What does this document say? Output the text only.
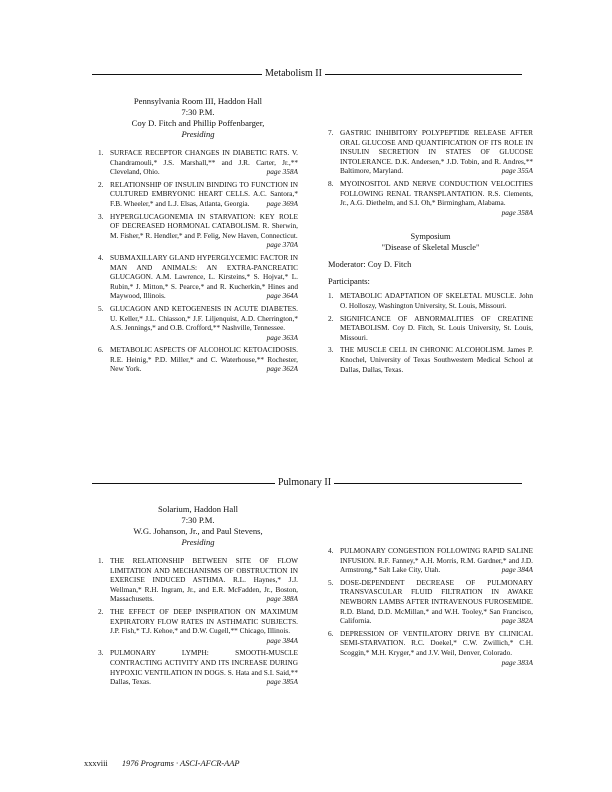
Metabolism II
Pennsylvania Room III, Haddon Hall
7:30 P.M.
Coy D. Fitch and Phillip Poffenbarger,
Presiding
1. SURFACE RECEPTOR CHANGES IN DIABETIC RATS. V. Chandramouli,* J.S. Marshall,** and J.R. Carter, Jr.,** Cleveland, Ohio.	page 358A
2. RELATIONSHIP OF INSULIN BINDING TO FUNCTION IN CULTURED EMBRYONIC HEART CELLS. A.C. Santora,* F.B. Wheeler,* and L.J. Elsas, Atlanta, Georgia.	page 369A
3. HYPERGLUCAGONEMIA IN STARVATION: KEY ROLE OF DECREASED HORMONAL CATABOLISM. R. Sherwin, M. Fisher,* R. Hendler,* and P. Felig, New Haven, Connecticut.
page 370A
4. SUBMAXILLARY GLAND HYPERGLYCEMIC FACTOR IN MAN AND ANIMALS: AN EXTRA-PANCREATIC GLUCAGON. A.M. Lawrence, L. Kirsteins,* S. Hojvat,* L. Rubin,* J. Mitton,* S. Pearce,* and R. Kucherkin,* Hines and Maywood, Illinois.	page 364A
5. GLUCAGON AND KETOGENESIS IN ACUTE DIABETES. U. Keller,* J.L. Chiasson,* J.F. Liljenquist, A.D. Cherrington,* A.S. Jennings,* and O.B. Crofford,** Nashville, Tennessee.
page 363A
6. METABOLIC ASPECTS OF ALCOHOLIC KETOACIDOSIS. R.E. Heinig,* P.D. Miller,* and C. Waterhouse,** Rochester, New York.	page 362A
7. GASTRIC INHIBITORY POLYPEPTIDE RELEASE AFTER ORAL GLUCOSE AND QUANTIFICATION OF ITS ROLE IN INSULIN SECRETION IN STATES OF GLUCOSE INTOLERANCE. D.K. Andersen,* J.D. Tobin, and R. Andres,** Baltimore, Maryland.	page 355A
8. MYOINOSITOL AND NERVE CONDUCTION VELOCITIES FOLLOWING RENAL TRANSPLANTATION. R.S. Clements, Jr., A.G. Diethelm, and S.I. Oh,* Birmingham, Alabama.
page 358A
Symposium
"Disease of Skeletal Muscle"
Moderator: Coy D. Fitch
Participants:
1. METABOLIC ADAPTATION OF SKELETAL MUSCLE. John O. Holloszy, Washington University, St. Louis, Missouri.
2. SIGNIFICANCE OF ABNORMALITIES OF CREATINE METABOLISM. Coy D. Fitch, St. Louis University, St. Louis, Missouri.
3. THE MUSCLE CELL IN CHRONIC ALCOHOLISM. James P. Knochel, University of Texas Southwestern Medical School at Dallas, Dallas, Texas.
Pulmonary II
Solarium, Haddon Hall
7:30 P.M.
W.G. Johanson, Jr., and Paul Stevens,
Presiding
1. THE RELATIONSHIP BETWEEN SITE OF FLOW LIMITATION AND MECHANISMS OF OBSTRUCTION IN EXERCISE INDUCED ASTHMA. R.L. Haynes,* J.J. Wellman,* R.H. Ingram, Jr., and E.R. McFadden, Jr., Boston, Massachusetts.	page 388A
2. THE EFFECT OF DEEP INSPIRATION ON MAXIMUM EXPIRATORY FLOW RATES IN ASTHMATIC SUBJECTS. J.P. Fish,* T.J. Kehoe,* and D.W. Cugell,** Chicago, Illinois.
page 384A
3. PULMONARY LYMPH: SMOOTH-MUSCLE CONTRACTING ACTIVITY AND ITS INCREASE DURING HYPOXIC VENTILATION IN DOGS. S. Hata and S.I. Said,** Dallas, Texas.	page 385A
4. PULMONARY CONGESTION FOLLOWING RAPID SALINE INFUSION. R.F. Fanney,* A.H. Morris, R.M. Gardner,* and J.D. Armstrong,* Salt Lake City, Utah.	page 384A
5. DOSE-DEPENDENT DECREASE OF PULMONARY TRANSVASCULAR FLUID FILTRATION IN AWAKE NEWBORN LAMBS AFTER INTRAVENOUS FUROSEMIDE. R.D. Bland, D.D. McMillan,* and W.H. Tooley,* San Francisco, California.	page 382A
6. DEPRESSION OF VENTILATORY DRIVE BY CLINICAL SEMI-STARVATION. R.C. Doekel,* C.W. Zwillich,* C.H. Scoggin,* M.H. Kryger,* and J.V. Weil, Denver, Colorado.
page 383A
xxxviii 1976 Programs · ASCI-AFCR-AAP
